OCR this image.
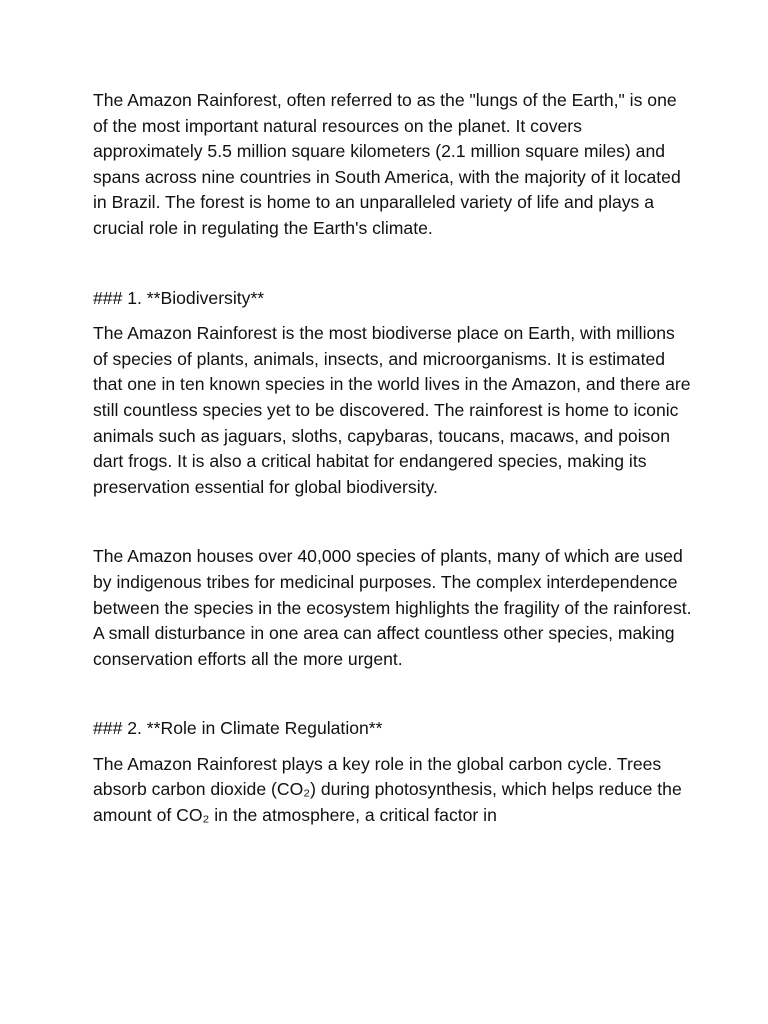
The Amazon Rainforest, often referred to as the "lungs of the Earth," is one of the most important natural resources on the planet. It covers approximately 5.5 million square kilometers (2.1 million square miles) and spans across nine countries in South America, with the majority of it located in Brazil. The forest is home to an unparalleled variety of life and plays a crucial role in regulating the Earth's climate.

### 1. **Biodiversity**

The Amazon Rainforest is the most biodiverse place on Earth, with millions of species of plants, animals, insects, and microorganisms. It is estimated that one in ten known species in the world lives in the Amazon, and there are still countless species yet to be discovered. The rainforest is home to iconic animals such as jaguars, sloths, capybaras, toucans, macaws, and poison dart frogs. It is also a critical habitat for endangered species, making its preservation essential for global biodiversity.

The Amazon houses over 40,000 species of plants, many of which are used by indigenous tribes for medicinal purposes. The complex interdependence between the species in the ecosystem highlights the fragility of the rainforest. A small disturbance in one area can affect countless other species, making conservation efforts all the more urgent.

### 2. **Role in Climate Regulation**

The Amazon Rainforest plays a key role in the global carbon cycle. Trees absorb carbon dioxide (CO₂) during photosynthesis, which helps reduce the amount of CO₂ in the atmosphere, a critical factor in
